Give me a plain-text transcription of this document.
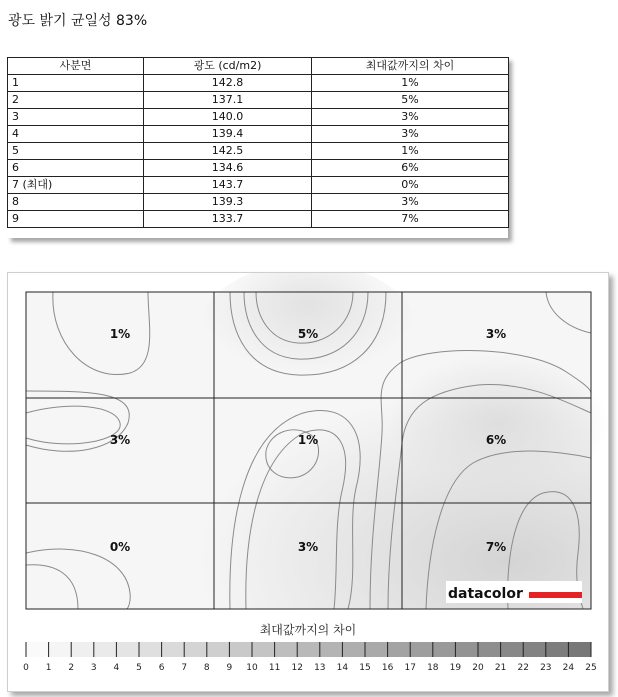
광도 밝기 균일성 83%
사분면	광도 (cd/m2)	최대값까지의 차이
1	142.8	1%
2	137.1	5%
3	140.0	3%
4	139.4	3%
5	142.5	1%
6	134.6	6%
7 (최대)	143.7	0%
8	139.3	3%
9	133.7	7%
1%	5%	3%
3%	1%	6%
0%	3%	7%
datacolor
최대값까지의 차이
0 1 2 3 4 5 6 7 8 9 10 11 12 13 14 15 16 17 18 19 20 21 22 23 24 25
